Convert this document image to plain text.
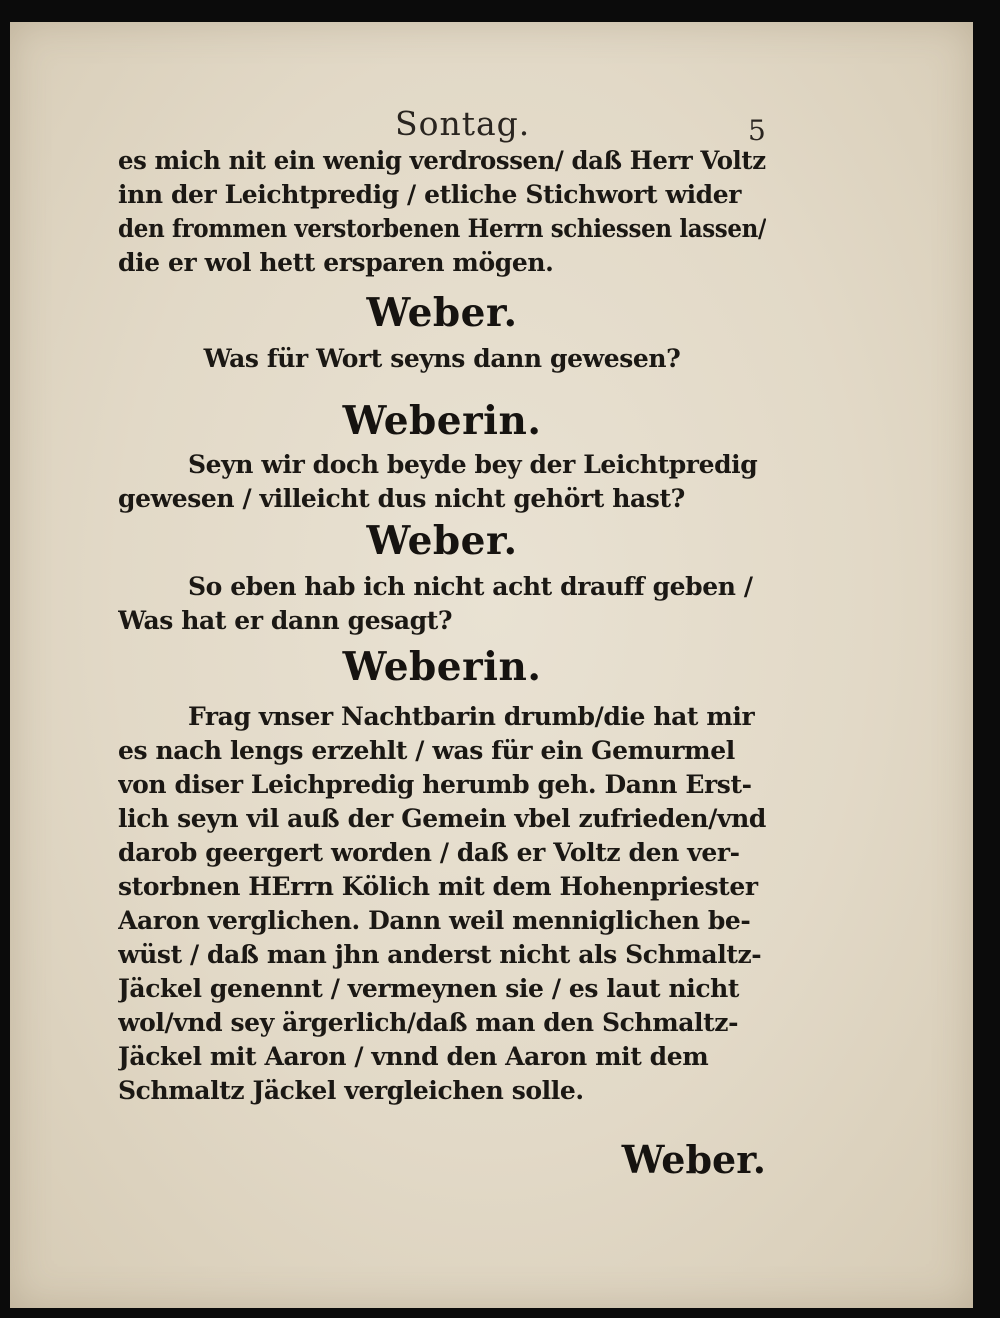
Sontag.	5
es mich nit ein wenig verdrossen/ daß Herr Voltz
inn der Leichtpredig / etliche Stichwort wider
den frommen verstorbenen Herrn schiessen lassen/
die er wol hett ersparen mögen.
Weber.
Was für Wort seyns dann gewesen?
Weberin.
Seyn wir doch beyde bey der Leichtpredig
gewesen / villeicht dus nicht gehört hast?
Weber.
So eben hab ich nicht acht drauff geben /
Was hat er dann gesagt?
Weberin.
Frag vnser Nachtbarin drumb/die hat mir
es nach lengs erzehlt / was für ein Gemurmel
von diser Leichpredig herumb geh. Dann Erst-
lich seyn vil auß der Gemein vbel zufrieden/vnd
darob geergert worden / daß er Voltz den ver-
storbnen HErrn Kölich mit dem Hohenpriester
Aaron verglichen. Dann weil menniglichen be-
wüst / daß man jhn anderst nicht als Schmaltz-
Jäckel genennt / vermeynen sie / es laut nicht
wol/vnd sey ärgerlich/daß man den Schmaltz-
Jäckel mit Aaron / vnnd den Aaron mit dem
Schmaltz Jäckel vergleichen solle.
Weber.
